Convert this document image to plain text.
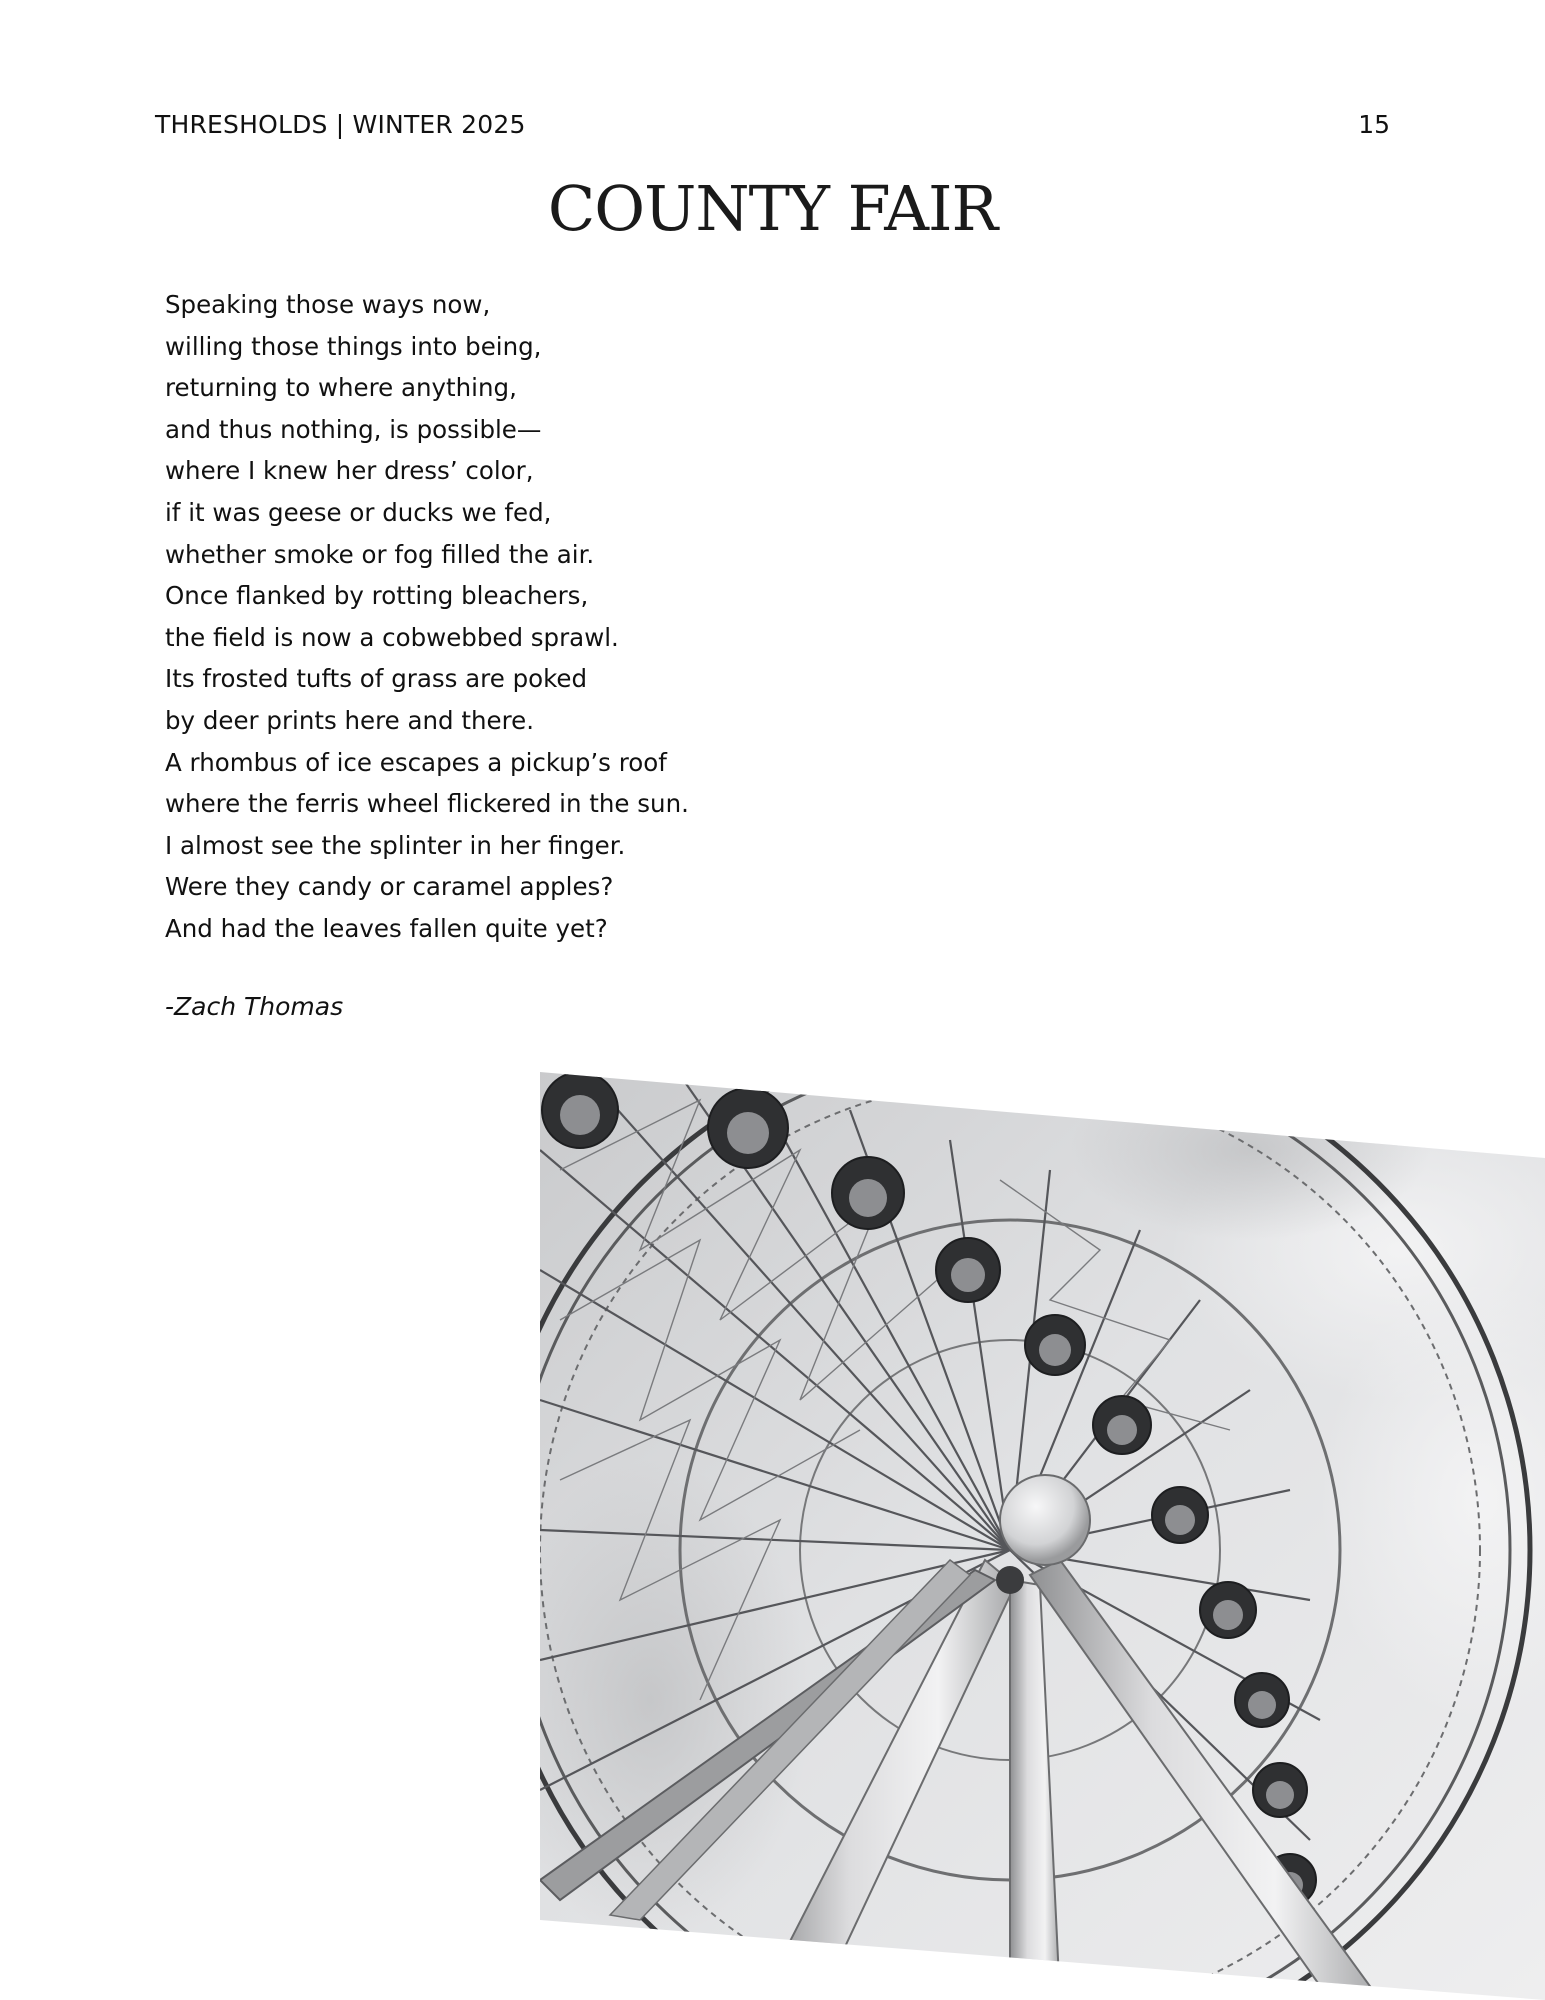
THRESHOLDS | WINTER 2025	15
COUNTY FAIR
Speaking those ways now,
willing those things into being,
returning to where anything,
and thus nothing, is possible—
where I knew her dress’ color,
if it was geese or ducks we fed,
whether smoke or fog filled the air.
Once flanked by rotting bleachers,
the field is now a cobwebbed sprawl.
Its frosted tufts of grass are poked
by deer prints here and there.
A rhombus of ice escapes a pickup’s roof
where the ferris wheel flickered in the sun.
I almost see the splinter in her finger.
Were they candy or caramel apples?
And had the leaves fallen quite yet?
-Zach Thomas
